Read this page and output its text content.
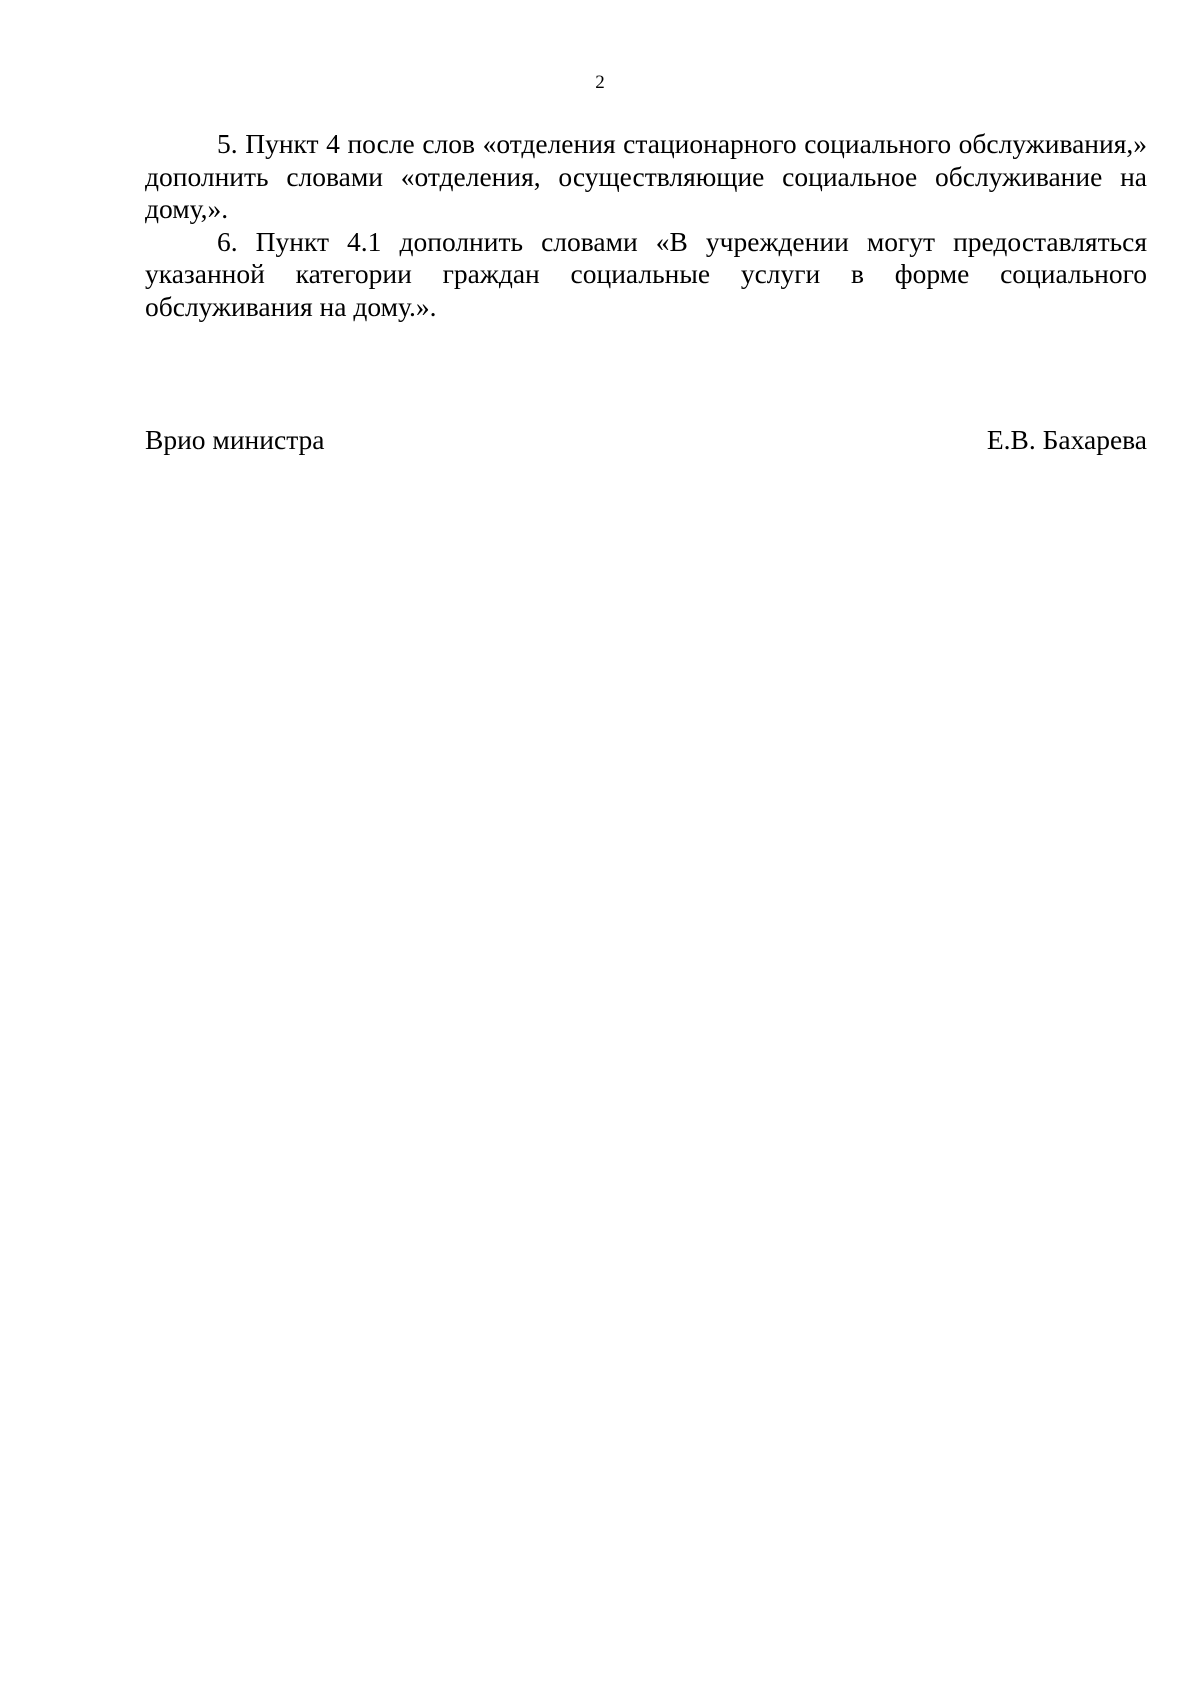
2

5. Пункт 4 после слов «отделения стационарного социального обслуживания,» дополнить словами «отделения, осуществляющие социальное обслуживание на дому,».

6. Пункт 4.1 дополнить словами «В учреждении могут предоставляться указанной категории граждан социальные услуги в форме социального обслуживания на дому.».

Врио министра	Е.В. Бахарева
